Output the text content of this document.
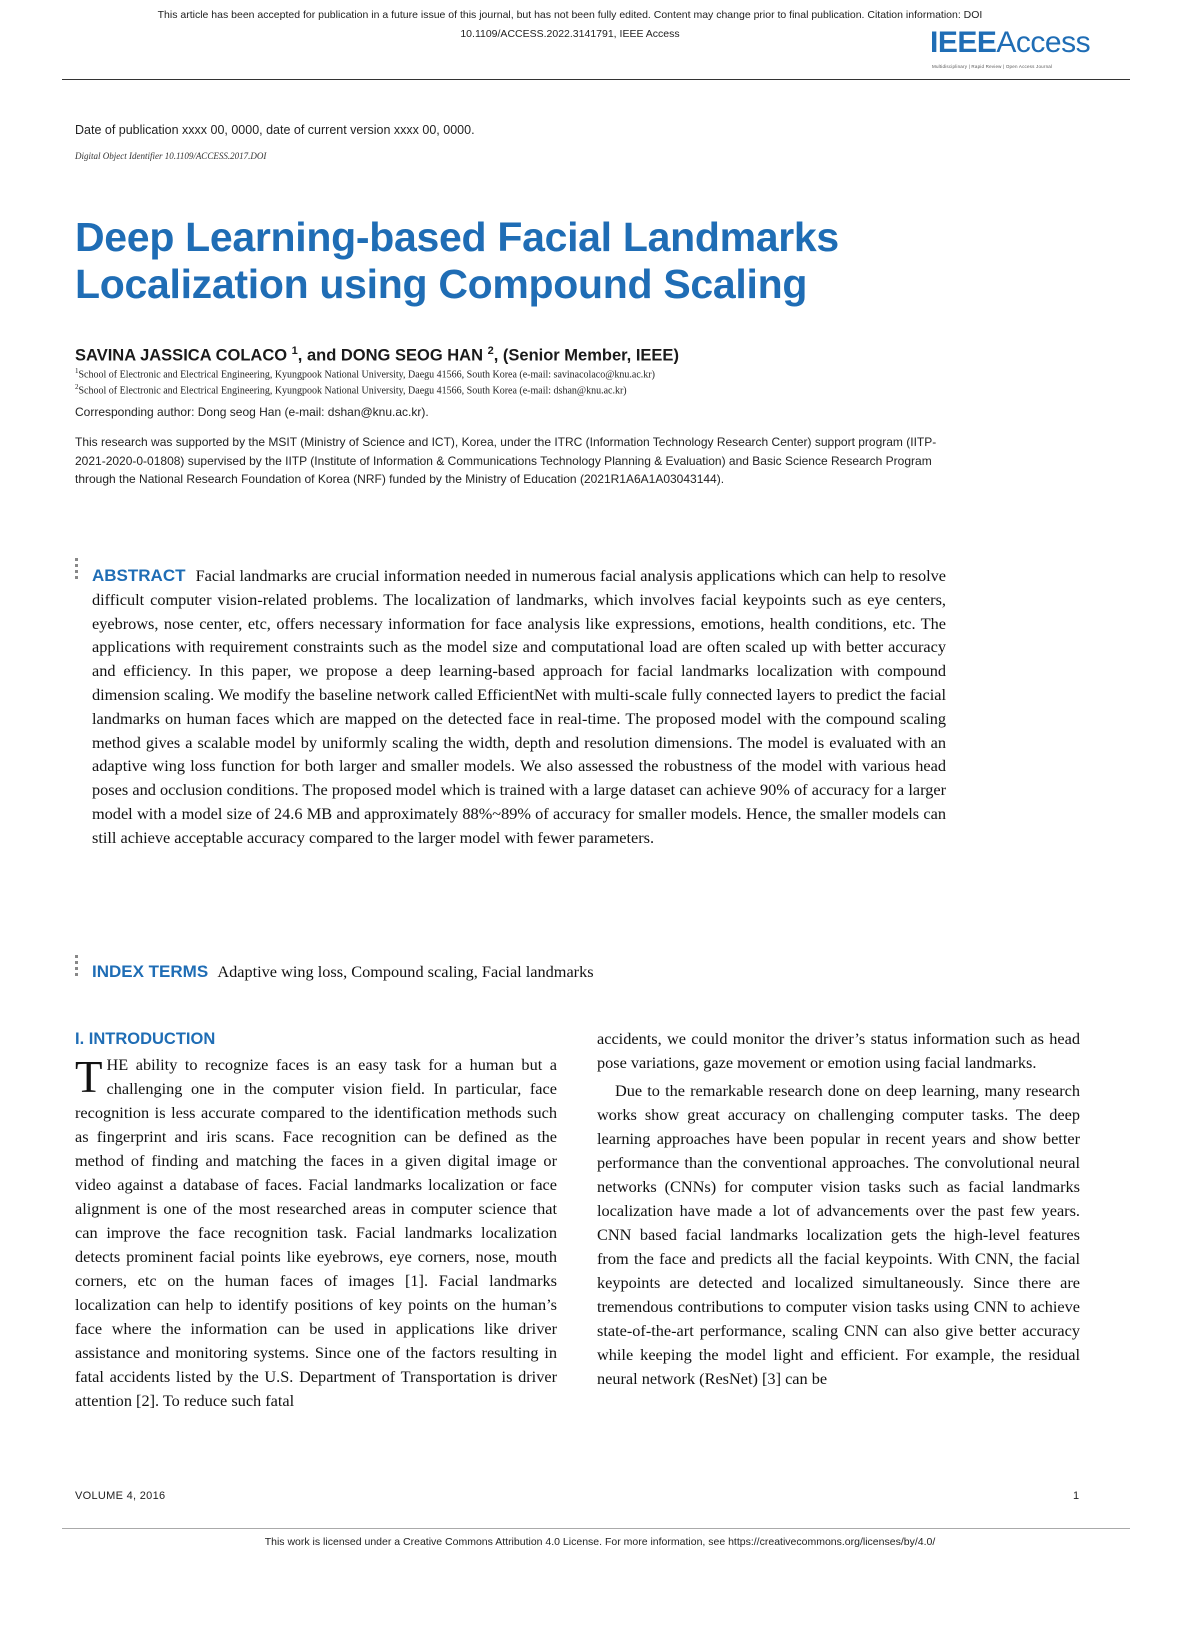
This article has been accepted for publication in a future issue of this journal, but has not been fully edited. Content may change prior to final publication. Citation information: DOI
10.1109/ACCESS.2022.3141791, IEEE Access	IEEEAccess
Multidisciplinary | Rapid Review | Open Access Journal
Date of publication xxxx 00, 0000, date of current version xxxx 00, 0000.
Digital Object Identifier 10.1109/ACCESS.2017.DOI
Deep Learning-based Facial Landmarks
Localization using Compound Scaling
SAVINA JASSICA COLACO $^1$, and DONG SEOG HAN $^2$, (Senior Member, IEEE)
$^1$School of Electronic and Electrical Engineering, Kyungpook National University, Daegu 41566, South Korea (e-mail: savinacolaco@knu.ac.kr)
$^2$School of Electronic and Electrical Engineering, Kyungpook National University, Daegu 41566, South Korea (e-mail: dshan@knu.ac.kr)
Corresponding author: Dong seog Han (e-mail: dshan@knu.ac.kr).
This research was supported by the MSIT (Ministry of Science and ICT), Korea, under the ITRC (Information Technology Research Center) support program (IITP-2021-2020-0-01808) supervised by the IITP (Institute of Information & Communications Technology Planning & Evaluation) and Basic Science Research Program through the National Research Foundation of Korea (NRF) funded by the Ministry of Education (2021R1A6A1A03043144).
ABSTRACT Facial landmarks are crucial information needed in numerous facial analysis applications which can help to resolve difficult computer vision-related problems. The localization of landmarks, which involves facial keypoints such as eye centers, eyebrows, nose center, etc, offers necessary information for face analysis like expressions, emotions, health conditions, etc. The applications with requirement constraints such as the model size and computational load are often scaled up with better accuracy and efficiency. In this paper, we propose a deep learning-based approach for facial landmarks localization with compound dimension scaling. We modify the baseline network called EfficientNet with multi-scale fully connected layers to predict the facial landmarks on human faces which are mapped on the detected face in real-time. The proposed model with the compound scaling method gives a scalable model by uniformly scaling the width, depth and resolution dimensions. The model is evaluated with an adaptive wing loss function for both larger and smaller models. We also assessed the robustness of the model with various head poses and occlusion conditions. The proposed model which is trained with a large dataset can achieve 90% of accuracy for a larger model with a model size of 24.6 MB and approximately 88%~89% of accuracy for smaller models. Hence, the smaller models can still achieve acceptable accuracy compared to the larger model with fewer parameters.
INDEX TERMS Adaptive wing loss, Compound scaling, Facial landmarks
I. INTRODUCTION

THE ability to recognize faces is an easy task for a human but a challenging one in the computer vision field. In particular, face recognition is less accurate compared to the identification methods such as fingerprint and iris scans. Face recognition can be defined as the method of finding and matching the faces in a given digital image or video against a database of faces. Facial landmarks localization or face alignment is one of the most researched areas in computer science that can improve the face recognition task. Facial landmarks localization detects prominent facial points like eyebrows, eye corners, nose, mouth corners, etc on the human faces of images [1]. Facial landmarks localization can help to identify positions of key points on the human’s face where the information can be used in applications like driver assistance and monitoring systems. Since one of the factors resulting in fatal accidents listed by the U.S. Department of Transportation is driver attention [2]. To reduce such fatal

accidents, we could monitor the driver’s status information such as head pose variations, gaze movement or emotion using facial landmarks.

Due to the remarkable research done on deep learning, many research works show great accuracy on challenging computer tasks. The deep learning approaches have been popular in recent years and show better performance than the conventional approaches. The convolutional neural networks (CNNs) for computer vision tasks such as facial landmarks localization have made a lot of advancements over the past few years. CNN based facial landmarks localization gets the high-level features from the face and predicts all the facial keypoints. With CNN, the facial keypoints are detected and localized simultaneously. Since there are tremendous contributions to computer vision tasks using CNN to achieve state-of-the-art performance, scaling CNN can also give better accuracy while keeping the model light and efficient. For example, the residual neural network (ResNet) [3] can be

VOLUME 4, 2016	1
This work is licensed under a Creative Commons Attribution 4.0 License. For more information, see https://creativecommons.org/licenses/by/4.0/
